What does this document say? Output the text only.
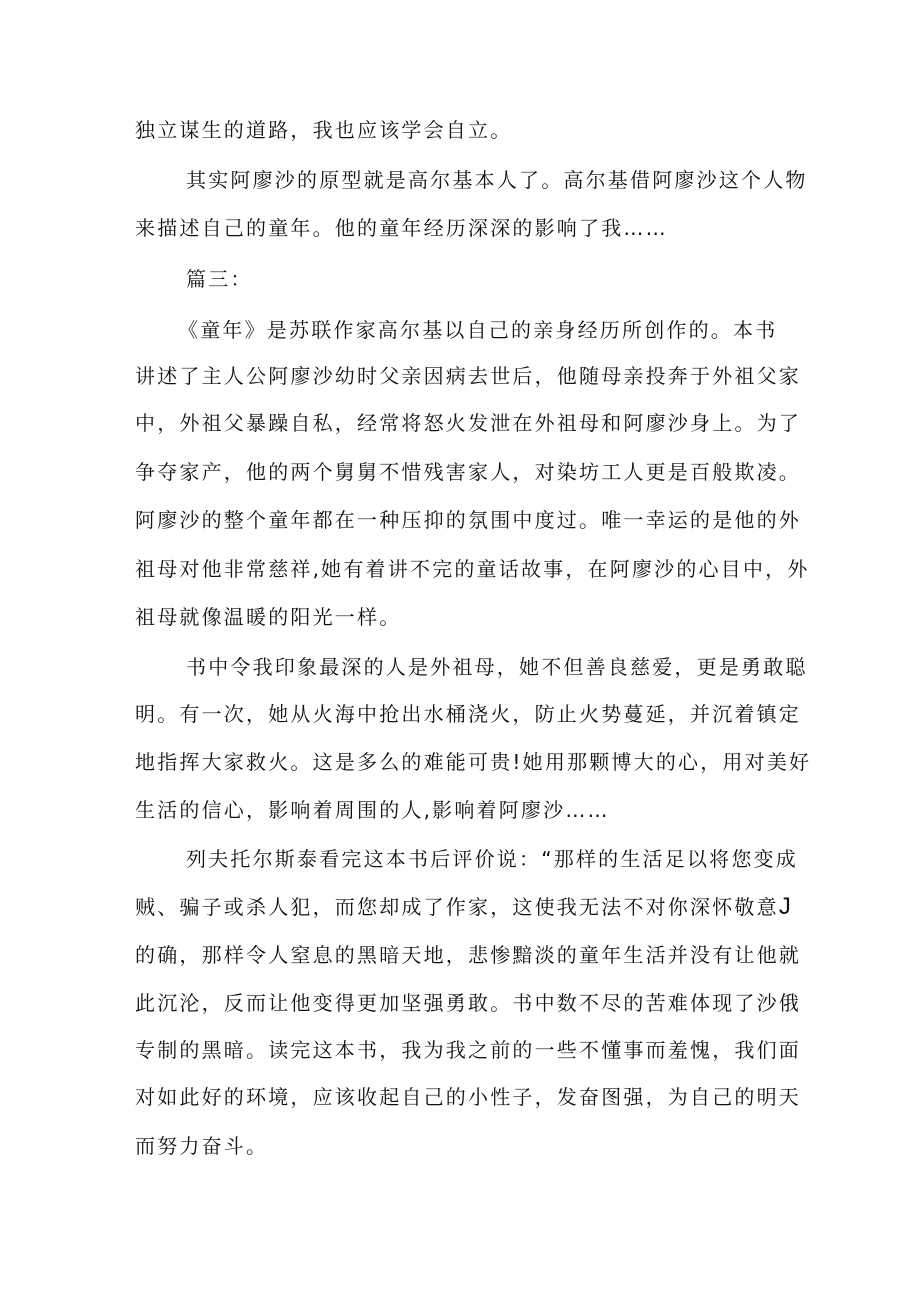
独立谋生的道路，我也应该学会自立。
其实阿廖沙的原型就是高尔基本人了。高尔基借阿廖沙这个人物
来描述自己的童年。他的童年经历深深的影响了我……
篇三：
《童年》是苏联作家高尔基以自己的亲身经历所创作的。本书
讲述了主人公阿廖沙幼时父亲因病去世后，他随母亲投奔于外祖父家
中，外祖父暴躁自私，经常将怒火发泄在外祖母和阿廖沙身上。为了
争夺家产，他的两个舅舅不惜残害家人，对染坊工人更是百般欺凌。
阿廖沙的整个童年都在一种压抑的氛围中度过。唯一幸运的是他的外
祖母对他非常慈祥,她有着讲不完的童话故事，在阿廖沙的心目中，外
祖母就像温暖的阳光一样。
书中令我印象最深的人是外祖母，她不但善良慈爱，更是勇敢聪
明。有一次，她从火海中抢出水桶浇火，防止火势蔓延，并沉着镇定
地指挥大家救火。这是多么的难能可贵!她用那颗博大的心，用对美好
生活的信心，影响着周围的人,影响着阿廖沙……
列夫托尔斯泰看完这本书后评价说：“那样的生活足以将您变成
贼、骗子或杀人犯，而您却成了作家，这使我无法不对你深怀敬意J
的确，那样令人窒息的黑暗天地，悲惨黯淡的童年生活并没有让他就
此沉沦，反而让他变得更加坚强勇敢。书中数不尽的苦难体现了沙俄
专制的黑暗。读完这本书，我为我之前的一些不懂事而羞愧，我们面
对如此好的环境，应该收起自己的小性子，发奋图强，为自己的明天
而努力奋斗。
